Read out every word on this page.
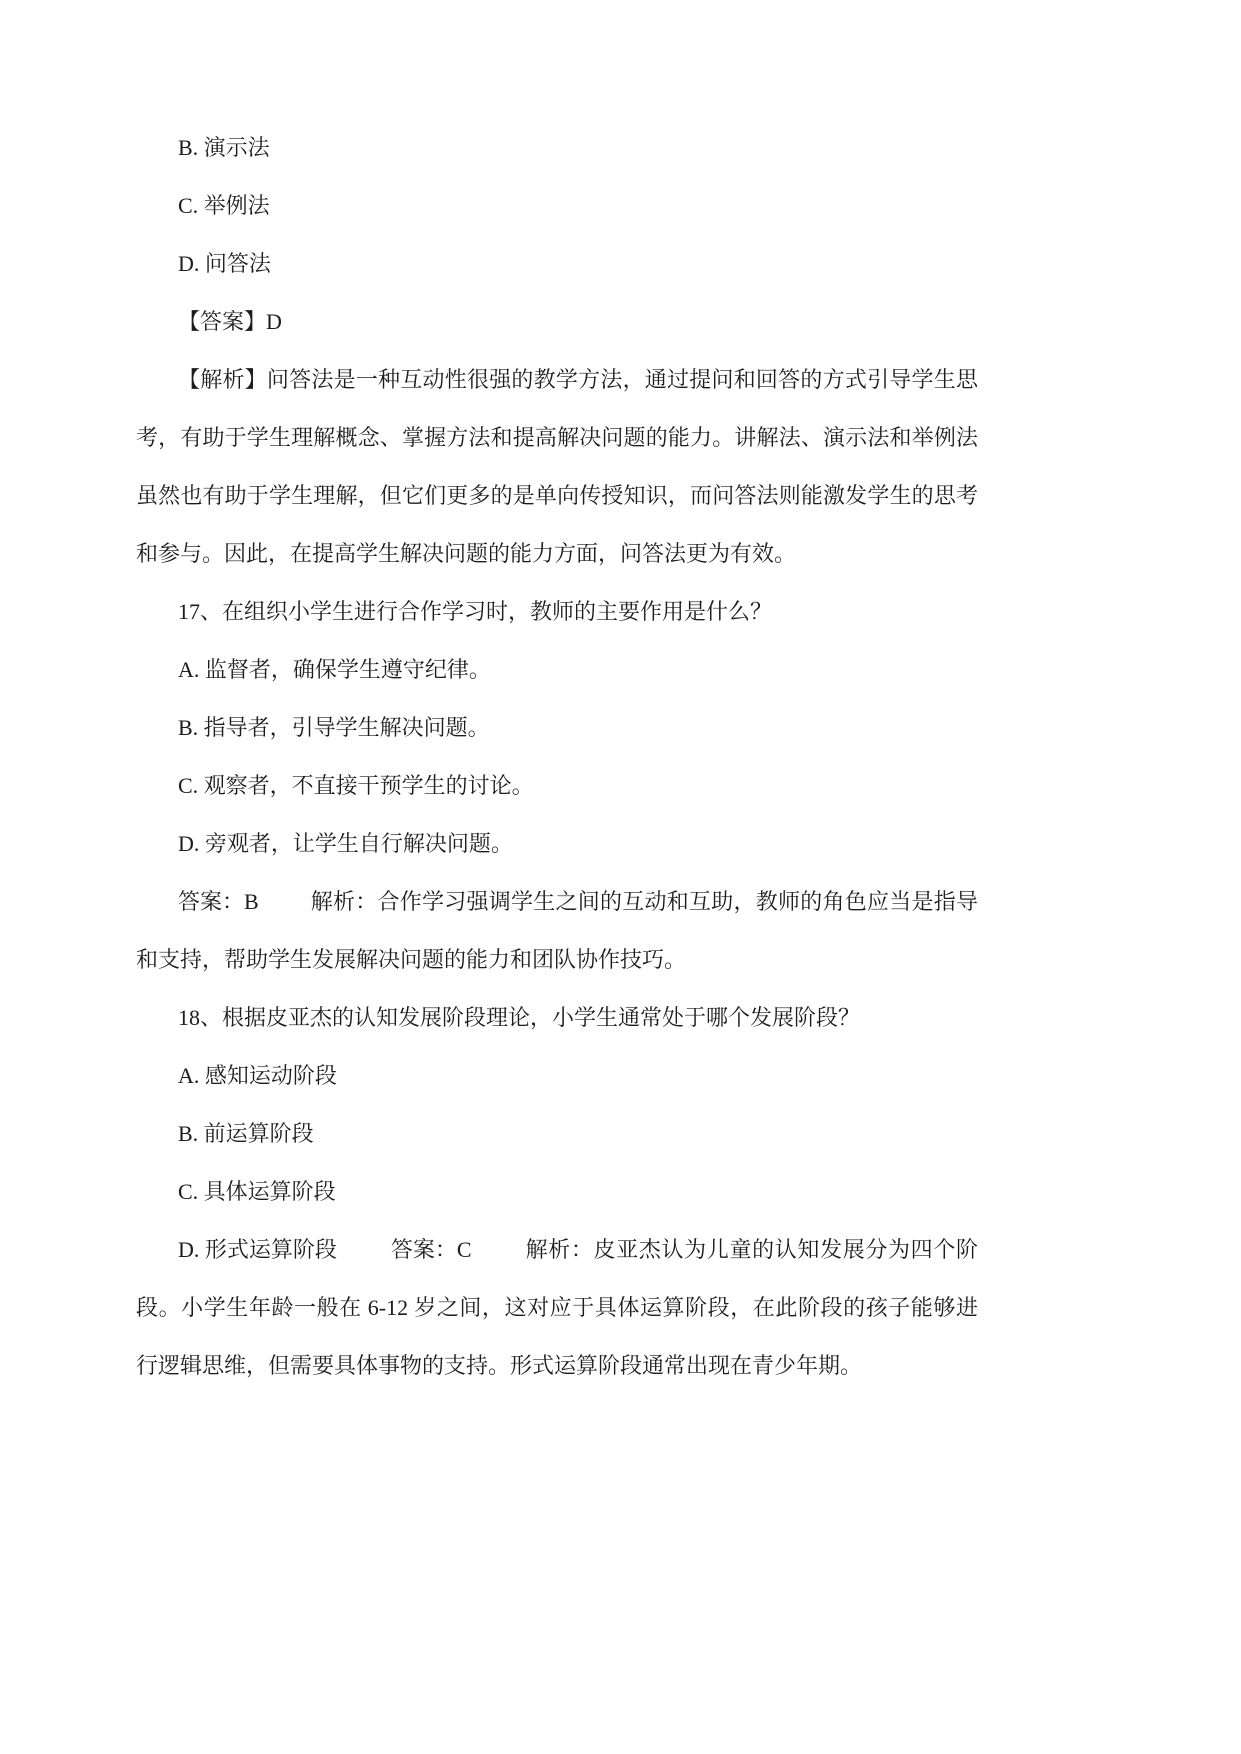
B. 演示法
C. 举例法
D. 问答法
【答案】D
【解析】问答法是一种互动性很强的教学方法，通过提问和回答的方式引导学生思
考，有助于学生理解概念、掌握方法和提高解决问题的能力。讲解法、演示法和举例法
虽然也有助于学生理解，但它们更多的是单向传授知识，而问答法则能激发学生的思考
和参与。因此，在提高学生解决问题的能力方面，问答法更为有效。
17、在组织小学生进行合作学习时，教师的主要作用是什么？
A. 监督者，确保学生遵守纪律。
B. 指导者，引导学生解决问题。
C. 观察者，不直接干预学生的讨论。
D. 旁观者，让学生自行解决问题。
答案：B 解析：合作学习强调学生之间的互动和互助，教师的角色应当是指导
和支持，帮助学生发展解决问题的能力和团队协作技巧。
18、根据皮亚杰的认知发展阶段理论，小学生通常处于哪个发展阶段？
A. 感知运动阶段
B. 前运算阶段
C. 具体运算阶段
D. 形式运算阶段 答案：C 解析：皮亚杰认为儿童的认知发展分为四个阶
段。小学生年龄一般在 6-12 岁之间，这对应于具体运算阶段，在此阶段的孩子能够进
行逻辑思维，但需要具体事物的支持。形式运算阶段通常出现在青少年期。
